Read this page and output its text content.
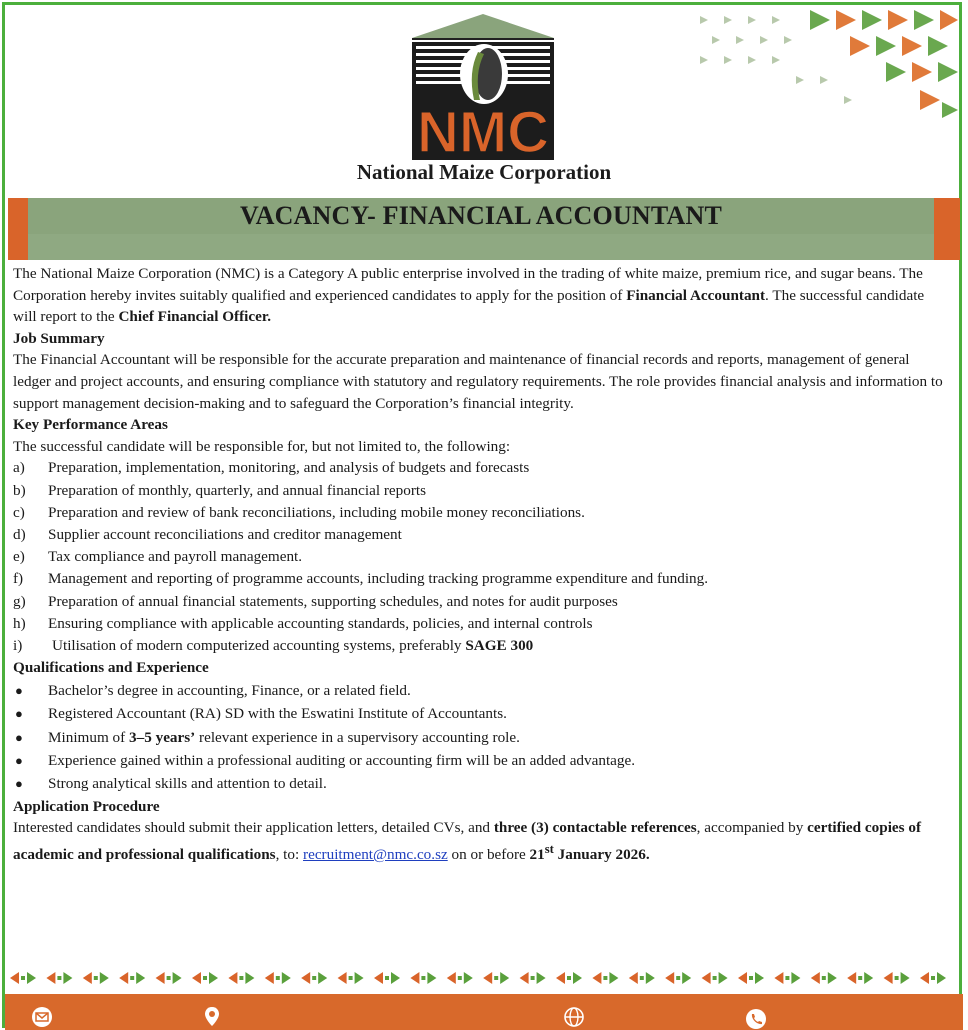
NMC
National Maize Corporation
VACANCY- FINANCIAL ACCOUNTANT

The National Maize Corporation (NMC) is a Category A public enterprise involved in the trading of white maize, premium rice, and sugar beans. The Corporation hereby invites suitably qualified and experienced candidates to apply for the position of Financial Accountant. The successful candidate will report to the Chief Financial Officer.

Job Summary

The Financial Accountant will be responsible for the accurate preparation and maintenance of financial records and reports, management of general ledger and project accounts, and ensuring compliance with statutory and regulatory requirements. The role provides financial analysis and information to support management decision-making and to safeguard the Corporation’s financial integrity.

Key Performance Areas

The successful candidate will be responsible for, but not limited to, the following:

a)	Preparation, implementation, monitoring, and analysis of budgets and forecasts
b)	Preparation of monthly, quarterly, and annual financial reports
c)	Preparation and review of bank reconciliations, including mobile money reconciliations.
d)	Supplier account reconciliations and creditor management
e)	Tax compliance and payroll management.
f)	Management and reporting of programme accounts, including tracking programme expenditure and funding.
g)	Preparation of annual financial statements, supporting schedules, and notes for audit purposes
h)	Ensuring compliance with applicable accounting standards, policies, and internal controls
i)	Utilisation of modern computerized accounting systems, preferably SAGE 300

Qualifications and Experience

●	Bachelor’s degree in accounting, Finance, or a related field.
●	Registered Accountant (RA) SD with the Eswatini Institute of Accountants.
●	Minimum of 3–5 years’ relevant experience in a supervisory accounting role.
●	Experience gained within a professional auditing or accounting firm will be an added advantage.
●	Strong analytical skills and attention to detail.

Application Procedure

Interested candidates should submit their application letters, detailed CVs, and three (3) contactable references, accompanied by certified copies of academic and professional qualifications, to: recruitment@nmc.co.sz on or before 21st January 2026.
